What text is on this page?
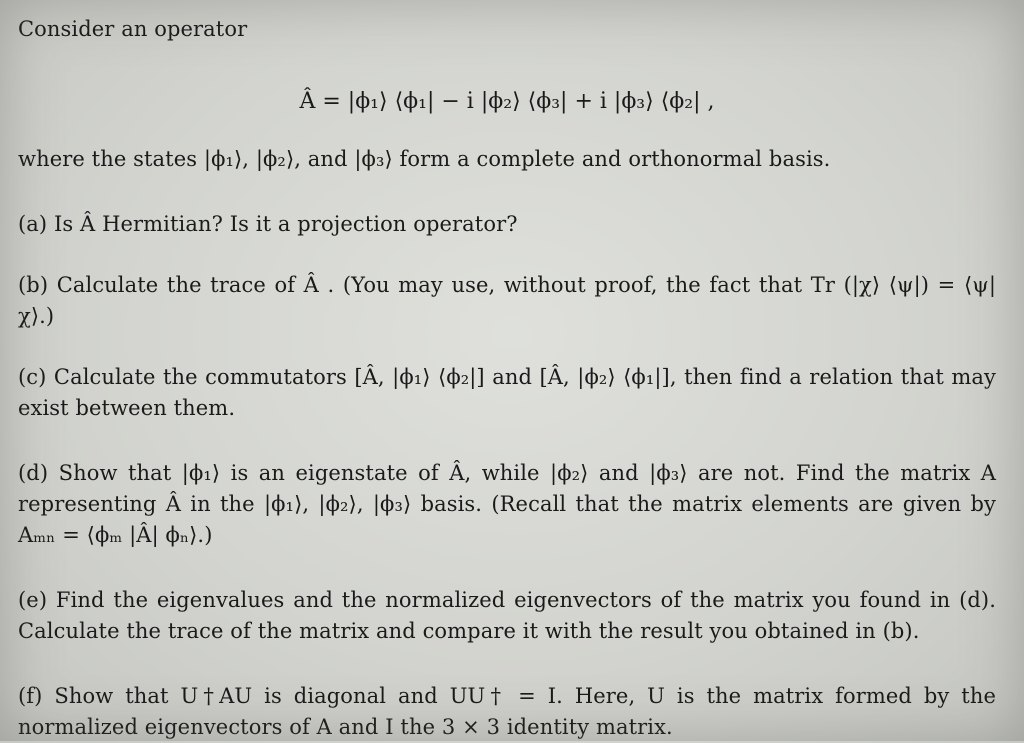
Consider an operator

Â = |ϕ₁⟩ ⟨ϕ₁| − i |ϕ₂⟩ ⟨ϕ₃| + i |ϕ₃⟩ ⟨ϕ₂| ,

where the states |ϕ₁⟩, |ϕ₂⟩, and |ϕ₃⟩ form a complete and orthonormal basis.

(a) Is Â Hermitian? Is it a projection operator?

(b) Calculate the trace of Â . (You may use, without proof, the fact that Tr (|χ⟩ ⟨ψ|) = ⟨ψ| χ⟩.)

(c) Calculate the commutators [Â, |ϕ₁⟩ ⟨ϕ₂|] and [Â, |ϕ₂⟩ ⟨ϕ₁|], then find a relation that may exist between them.

(d) Show that |ϕ₁⟩ is an eigenstate of Â, while |ϕ₂⟩ and |ϕ₃⟩ are not. Find the matrix A representing Â in the |ϕ₁⟩, |ϕ₂⟩, |ϕ₃⟩ basis. (Recall that the matrix elements are given by Aₘₙ = ⟨ϕₘ |Â| ϕₙ⟩.)

(e) Find the eigenvalues and the normalized eigenvectors of the matrix you found in (d). Calculate the trace of the matrix and compare it with the result you obtained in (b).

(f) Show that U†AU is diagonal and UU† = I. Here, U is the matrix formed by the normalized eigenvectors of A and I the 3 × 3 identity matrix.
